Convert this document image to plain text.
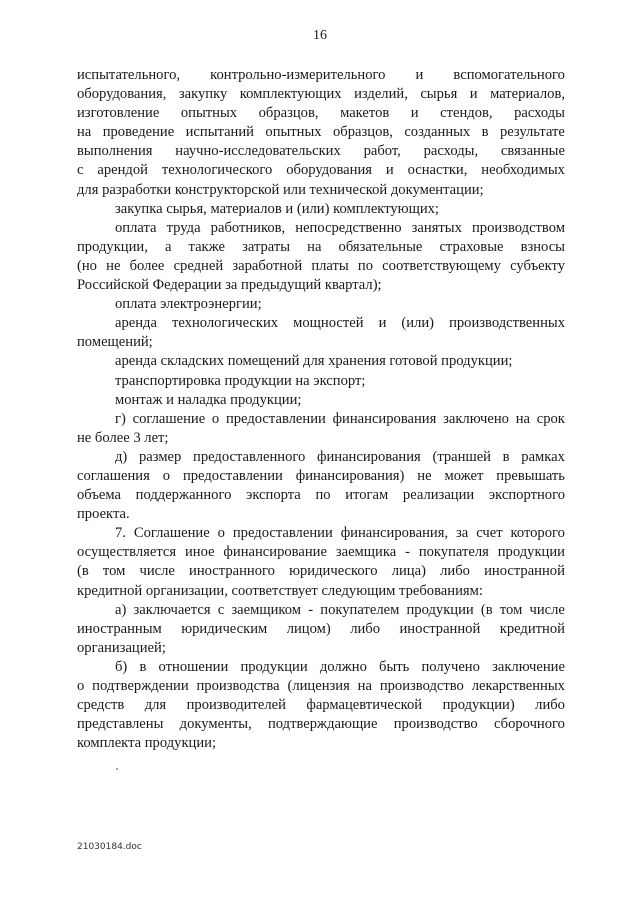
16
испытательного, контрольно-измерительного и вспомогательного
оборудования, закупку комплектующих изделий, сырья и материалов,
изготовление опытных образцов, макетов и стендов, расходы
на проведение испытаний опытных образцов, созданных в результате
выполнения научно-исследовательских работ, расходы, связанные
с арендой технологического оборудования и оснастки, необходимых
для разработки конструкторской или технической документации;
закупка сырья, материалов и (или) комплектующих;
оплата труда работников, непосредственно занятых производством
продукции, а также затраты на обязательные страховые взносы
(но не более средней заработной платы по соответствующему субъекту
Российской Федерации за предыдущий квартал);
оплата электроэнергии;
аренда технологических мощностей и (или) производственных
помещений;
аренда складских помещений для хранения готовой продукции;
транспортировка продукции на экспорт;
монтаж и наладка продукции;
г) соглашение о предоставлении финансирования заключено на срок
не более 3 лет;
д) размер предоставленного финансирования (траншей в рамках
соглашения о предоставлении финансирования) не может превышать
объема поддержанного экспорта по итогам реализации экспортного
проекта.
7. Соглашение о предоставлении финансирования, за счет которого
осуществляется иное финансирование заемщика - покупателя продукции
(в том числе иностранного юридического лица) либо иностранной
кредитной организации, соответствует следующим требованиям:
а) заключается с заемщиком - покупателем продукции (в том числе
иностранным юридическим лицом) либо иностранной кредитной
организацией;
б) в отношении продукции должно быть получено заключение
о подтверждении производства (лицензия на производство лекарственных
средств для производителей фармацевтической продукции) либо
представлены документы, подтверждающие производство сборочного
комплекта продукции;
21030184.doc
